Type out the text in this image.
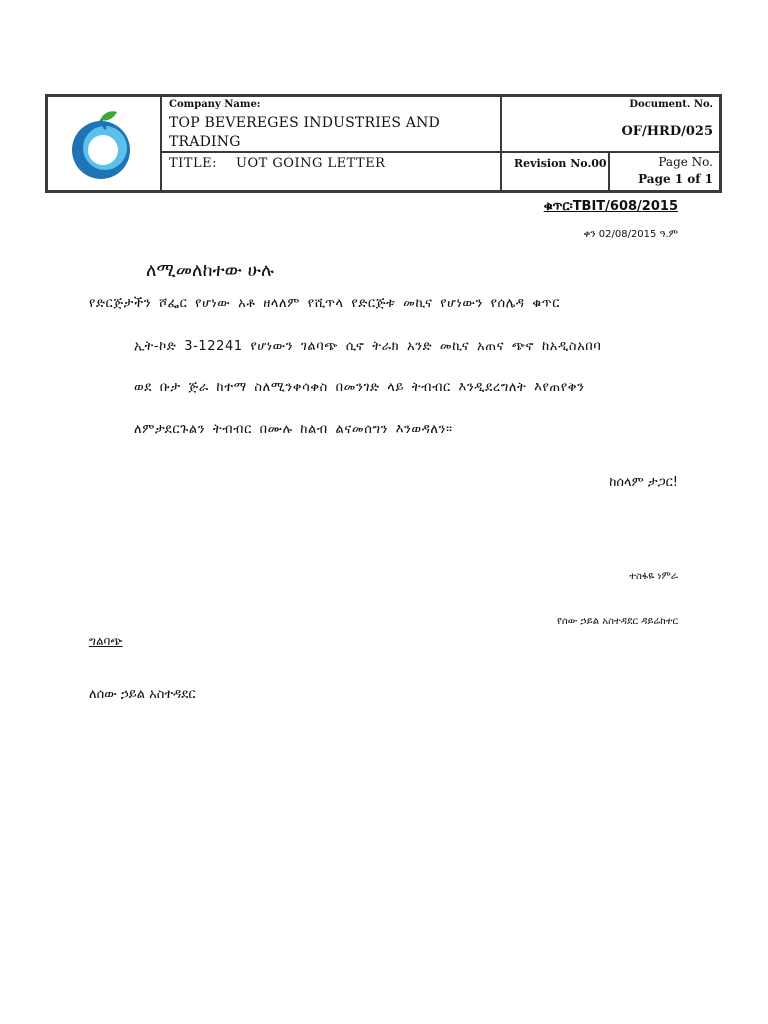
Company Name:
TOP BEVEREGES INDUSTRIES AND TRADING
Document. No.
OF/HRD/025
TITLE: UOT GOING LETTER	Revision No.00	Page No.
Page 1 of 1
ቁጥር፡TBIT/608/2015
ቀን 02/08/2015 ዓ.ም
ለሚመለከተው ሁሉ
የድርጅታችን ሾፌር የሆነው አቶ ዘላለም የሺጥላ የድርጅቱ መኪና የሆነውን የሰሌዳ ቁጥር
ኢት-ኮድ 3-12241 የሆነውን ገልባጭ ሲኖ ትራክ አንድ መኪና አጠና ጭኖ ከአዲስአበባ
ወደ ቡታ ጅራ ከተማ ስለሚንቀሳቀስ በመንገድ ላይ ትብብር እንዲደረግለት እየጠየቅን
ለምታደርጉልን ትብብር በሙሉ ከልብ ልናመሰግን እንወዳለን።
ከሰላም ታጋር!
ተስፋዬ ነምራ
የሰው ኃይል አስተዳደር ዳይሬክተር
ግልባጭ
ለሰው ኃይል አስተዳደር
